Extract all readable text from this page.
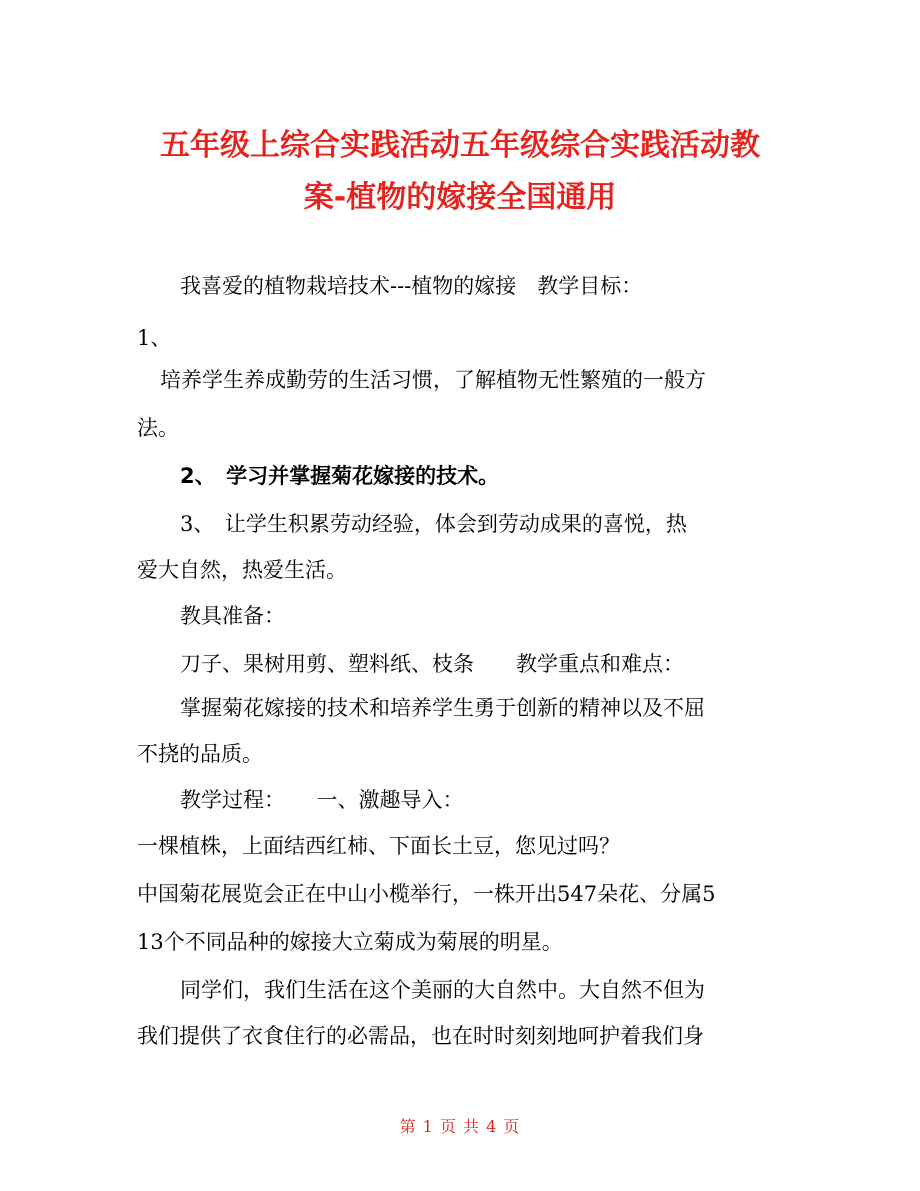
五年级上综合实践活动五年级综合实践活动教
案-植物的嫁接全国通用
我喜爱的植物栽培技术---植物的嫁接　教学目标：
1、
培养学生养成勤劳的生活习惯，了解植物无性繁殖的一般方
法。
2、　学习并掌握菊花嫁接的技术。
3、　让学生积累劳动经验，体会到劳动成果的喜悦，热
爱大自然，热爱生活。
教具准备：
刀子、果树用剪、塑料纸、枝条　　教学重点和难点：
掌握菊花嫁接的技术和培养学生勇于创新的精神以及不屈
不挠的品质。
教学过程：　　一、激趣导入：
一棵植株，上面结西红柿、下面长土豆，您见过吗？
中国菊花展览会正在中山小榄举行，一株开出547朵花、分属5
13个不同品种的嫁接大立菊成为菊展的明星。
同学们，我们生活在这个美丽的大自然中。大自然不但为
我们提供了衣食住行的必需品，也在时时刻刻地呵护着我们身
第 1 页 共 4 页
